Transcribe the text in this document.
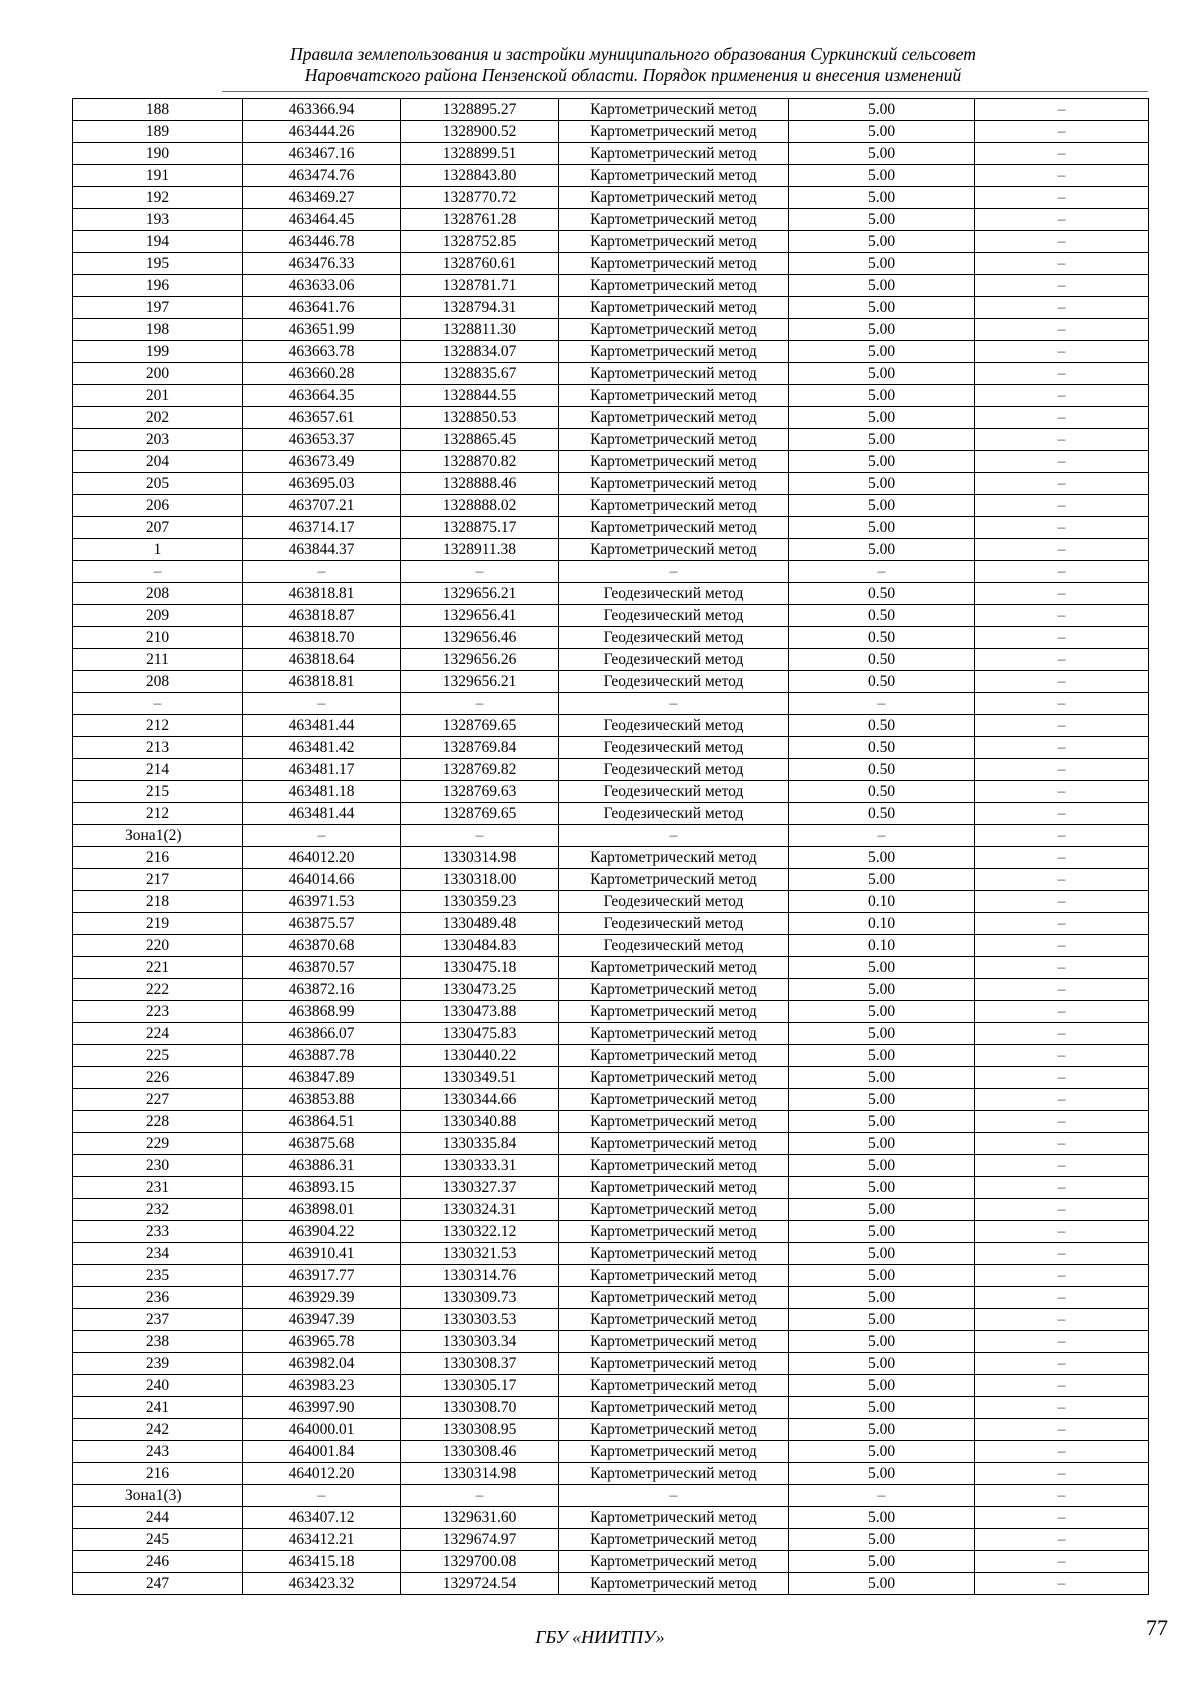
Правила землепользования и застройки муниципального образования Суркинский сельсовет
Наровчатского района Пензенской области. Порядок применения и внесения изменений
188	463366.94	1328895.27	Картометрический метод	5.00	–
189	463444.26	1328900.52	Картометрический метод	5.00	–
190	463467.16	1328899.51	Картометрический метод	5.00	–
191	463474.76	1328843.80	Картометрический метод	5.00	–
192	463469.27	1328770.72	Картометрический метод	5.00	–
193	463464.45	1328761.28	Картометрический метод	5.00	–
194	463446.78	1328752.85	Картометрический метод	5.00	–
195	463476.33	1328760.61	Картометрический метод	5.00	–
196	463633.06	1328781.71	Картометрический метод	5.00	–
197	463641.76	1328794.31	Картометрический метод	5.00	–
198	463651.99	1328811.30	Картометрический метод	5.00	–
199	463663.78	1328834.07	Картометрический метод	5.00	–
200	463660.28	1328835.67	Картометрический метод	5.00	–
201	463664.35	1328844.55	Картометрический метод	5.00	–
202	463657.61	1328850.53	Картометрический метод	5.00	–
203	463653.37	1328865.45	Картометрический метод	5.00	–
204	463673.49	1328870.82	Картометрический метод	5.00	–
205	463695.03	1328888.46	Картометрический метод	5.00	–
206	463707.21	1328888.02	Картометрический метод	5.00	–
207	463714.17	1328875.17	Картометрический метод	5.00	–
1	463844.37	1328911.38	Картометрический метод	5.00	–
–	–	–	–	–	–
208	463818.81	1329656.21	Геодезический метод	0.50	–
209	463818.87	1329656.41	Геодезический метод	0.50	–
210	463818.70	1329656.46	Геодезический метод	0.50	–
211	463818.64	1329656.26	Геодезический метод	0.50	–
208	463818.81	1329656.21	Геодезический метод	0.50	–
–	–	–	–	–	–
212	463481.44	1328769.65	Геодезический метод	0.50	–
213	463481.42	1328769.84	Геодезический метод	0.50	–
214	463481.17	1328769.82	Геодезический метод	0.50	–
215	463481.18	1328769.63	Геодезический метод	0.50	–
212	463481.44	1328769.65	Геодезический метод	0.50	–
Зона1(2)	–	–	–	–	–
216	464012.20	1330314.98	Картометрический метод	5.00	–
217	464014.66	1330318.00	Картометрический метод	5.00	–
218	463971.53	1330359.23	Геодезический метод	0.10	–
219	463875.57	1330489.48	Геодезический метод	0.10	–
220	463870.68	1330484.83	Геодезический метод	0.10	–
221	463870.57	1330475.18	Картометрический метод	5.00	–
222	463872.16	1330473.25	Картометрический метод	5.00	–
223	463868.99	1330473.88	Картометрический метод	5.00	–
224	463866.07	1330475.83	Картометрический метод	5.00	–
225	463887.78	1330440.22	Картометрический метод	5.00	–
226	463847.89	1330349.51	Картометрический метод	5.00	–
227	463853.88	1330344.66	Картометрический метод	5.00	–
228	463864.51	1330340.88	Картометрический метод	5.00	–
229	463875.68	1330335.84	Картометрический метод	5.00	–
230	463886.31	1330333.31	Картометрический метод	5.00	–
231	463893.15	1330327.37	Картометрический метод	5.00	–
232	463898.01	1330324.31	Картометрический метод	5.00	–
233	463904.22	1330322.12	Картометрический метод	5.00	–
234	463910.41	1330321.53	Картометрический метод	5.00	–
235	463917.77	1330314.76	Картометрический метод	5.00	–
236	463929.39	1330309.73	Картометрический метод	5.00	–
237	463947.39	1330303.53	Картометрический метод	5.00	–
238	463965.78	1330303.34	Картометрический метод	5.00	–
239	463982.04	1330308.37	Картометрический метод	5.00	–
240	463983.23	1330305.17	Картометрический метод	5.00	–
241	463997.90	1330308.70	Картометрический метод	5.00	–
242	464000.01	1330308.95	Картометрический метод	5.00	–
243	464001.84	1330308.46	Картометрический метод	5.00	–
216	464012.20	1330314.98	Картометрический метод	5.00	–
Зона1(3)	–	–	–	–	–
244	463407.12	1329631.60	Картометрический метод	5.00	–
245	463412.21	1329674.97	Картометрический метод	5.00	–
246	463415.18	1329700.08	Картометрический метод	5.00	–
247	463423.32	1329724.54	Картометрический метод	5.00	–
ГБУ «НИИТПУ»	77
